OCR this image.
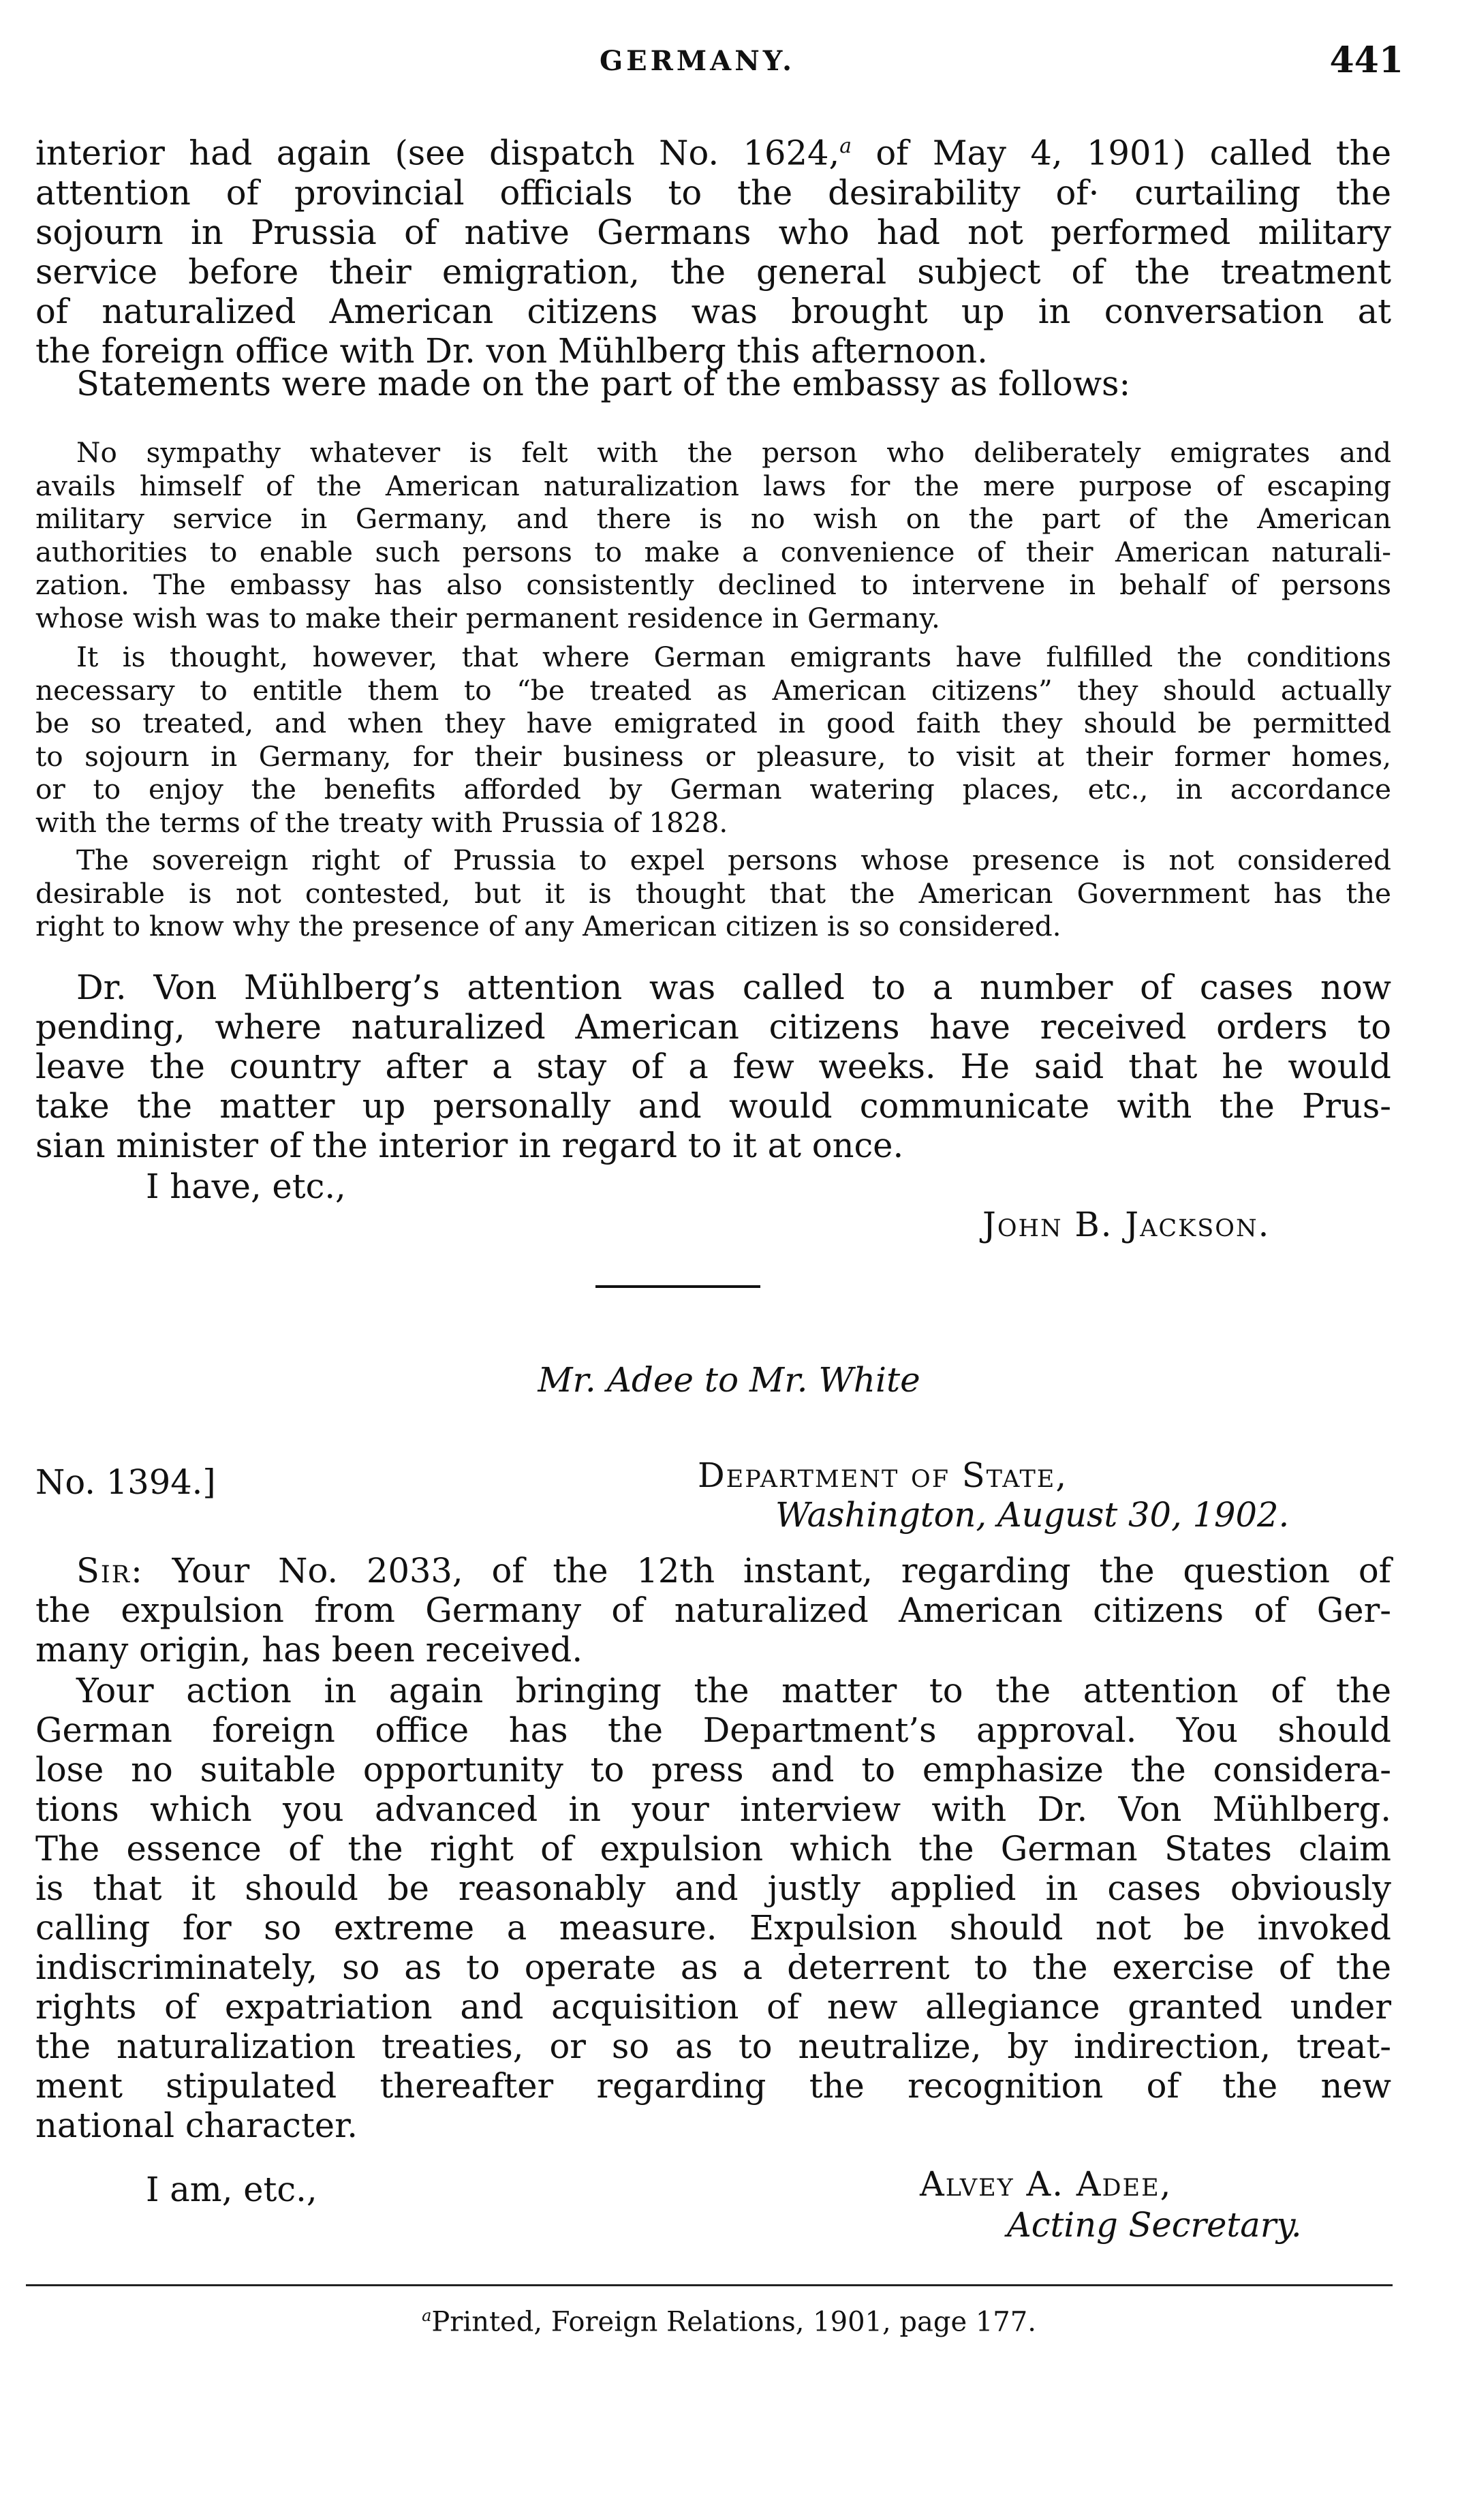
GERMANY.	441
interior had again (see dispatch No. 1624,$^a$ of May 4, 1901) called the
attention of provincial officials to the desirability of· curtailing the
sojourn in Prussia of native Germans who had not performed military
service before their emigration, the general subject of the treatment
of naturalized American citizens was brought up in conversation at
the foreign office with Dr. von Mühlberg this afternoon.
Statements were made on the part of the embassy as follows:
No sympathy whatever is felt with the person who deliberately emigrates and
avails himself of the American naturalization laws for the mere purpose of escaping
military service in Germany, and there is no wish on the part of the American
authorities to enable such persons to make a convenience of their American naturali-
zation. The embassy has also consistently declined to intervene in behalf of persons
whose wish was to make their permanent residence in Germany.
It is thought, however, that where German emigrants have fulfilled the conditions
necessary to entitle them to “be treated as American citizens” they should actually
be so treated, and when they have emigrated in good faith they should be permitted
to sojourn in Germany, for their business or pleasure, to visit at their former homes,
or to enjoy the benefits afforded by German watering places, etc., in accordance
with the terms of the treaty with Prussia of 1828.
The sovereign right of Prussia to expel persons whose presence is not considered
desirable is not contested, but it is thought that the American Government has the
right to know why the presence of any American citizen is so considered.
Dr. Von Mühlberg’s attention was called to a number of cases now
pending, where naturalized American citizens have received orders to
leave the country after a stay of a few weeks. He said that he would
take the matter up personally and would communicate with the Prus-
sian minister of the interior in regard to it at once.
I have, etc.,
John B. Jackson.
Mr. Adee to Mr. White
No. 1394.]	Department of State,
Washington, August 30, 1902.
Sir: Your No. 2033, of the 12th instant, regarding the question of
the expulsion from Germany of naturalized American citizens of Ger-
many origin, has been received.
Your action in again bringing the matter to the attention of the
German foreign office has the Department’s approval. You should
lose no suitable opportunity to press and to emphasize the considera-
tions which you advanced in your interview with Dr. Von Mühlberg.
The essence of the right of expulsion which the German States claim
is that it should be reasonably and justly applied in cases obviously
calling for so extreme a measure. Expulsion should not be invoked
indiscriminately, so as to operate as a deterrent to the exercise of the
rights of expatriation and acquisition of new allegiance granted under
the naturalization treaties, or so as to neutralize, by indirection, treat-
ment stipulated thereafter regarding the recognition of the new
national character.
I am, etc.,	Alvey A. Adee,
Acting Secretary.
$^a$Printed, Foreign Relations, 1901, page 177.
